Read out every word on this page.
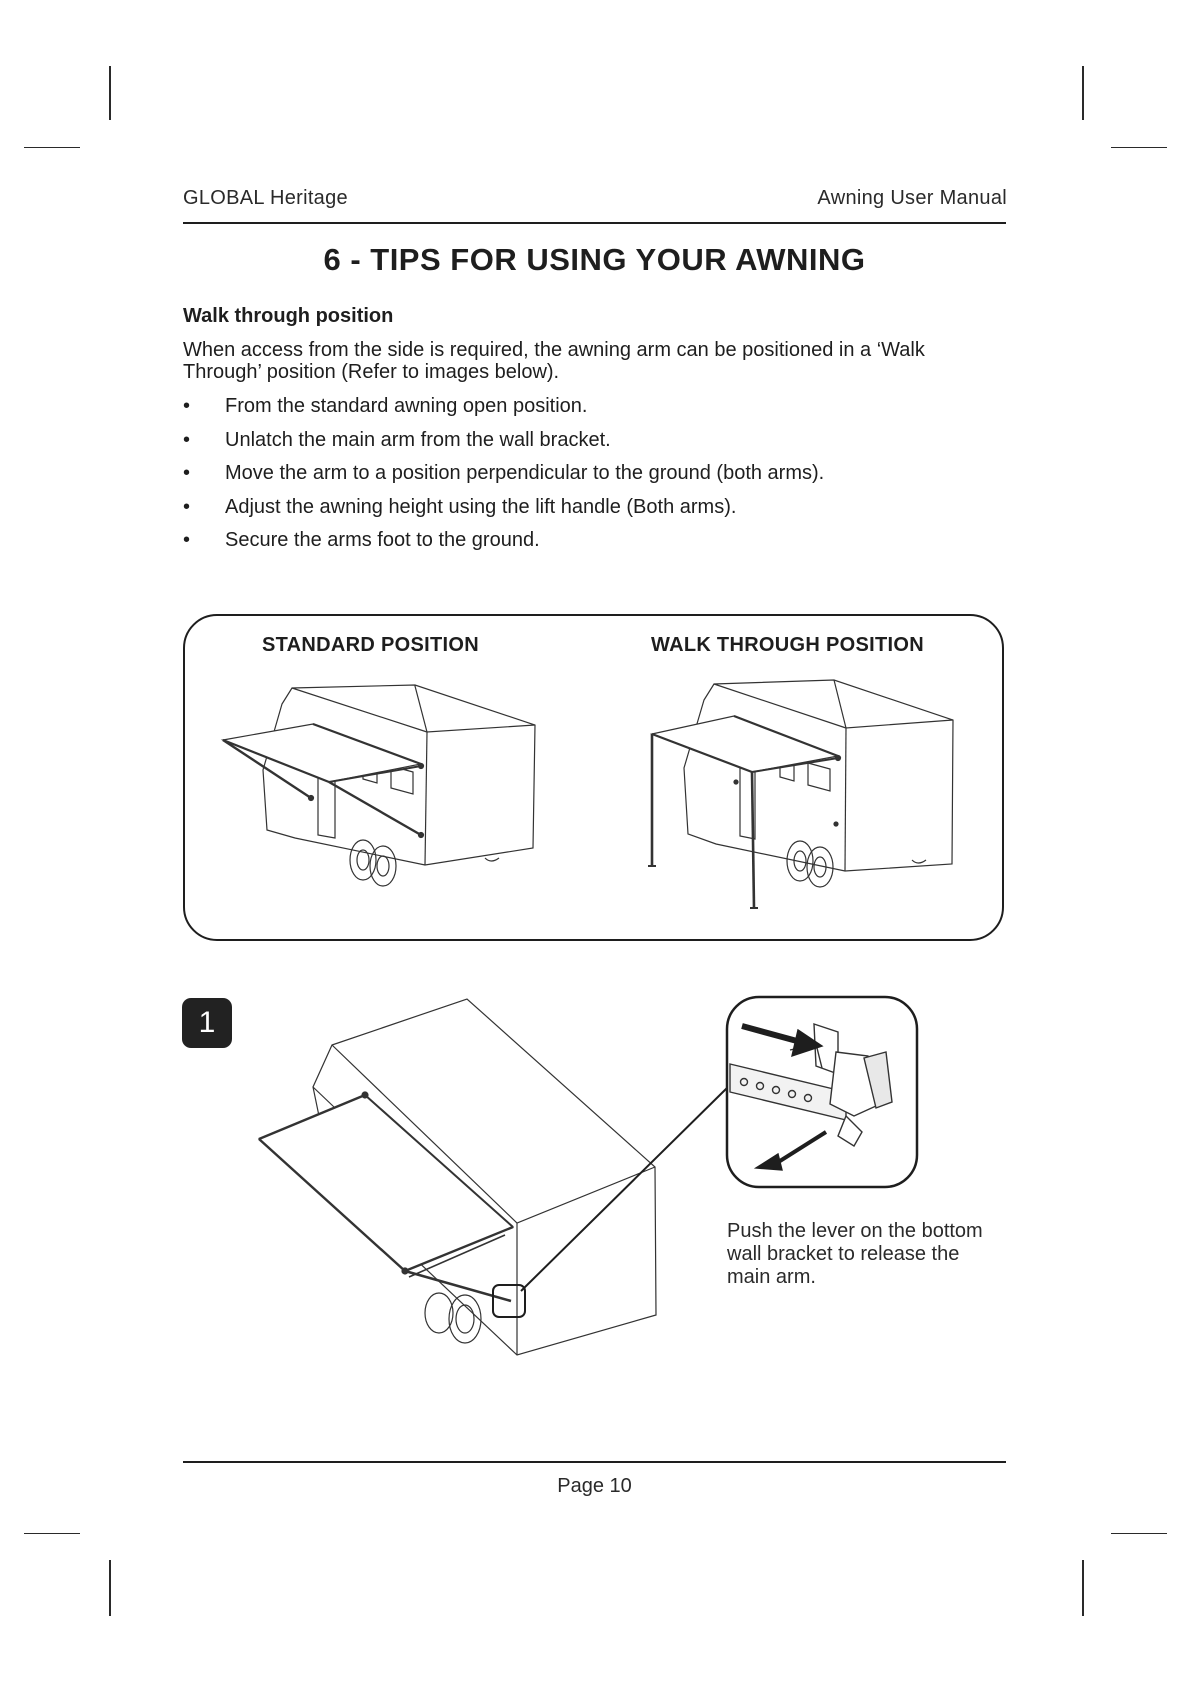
GLOBAL Heritage	Awning User Manual
6 - TIPS FOR USING YOUR AWNING
Walk through position
When access from the side is required, the awning arm can be positioned in a ‘Walk Through’ position (Refer to images below).
• From the standard awning open position.
• Unlatch the main arm from the wall bracket.
• Move the arm to a position perpendicular to the ground (both arms).
• Adjust the awning height using the lift handle (Both arms).
• Secure the arms foot to the ground.
STANDARD POSITION	WALK THROUGH POSITION
1
Push the lever on the bottom wall bracket to release the main arm.
Page 10
